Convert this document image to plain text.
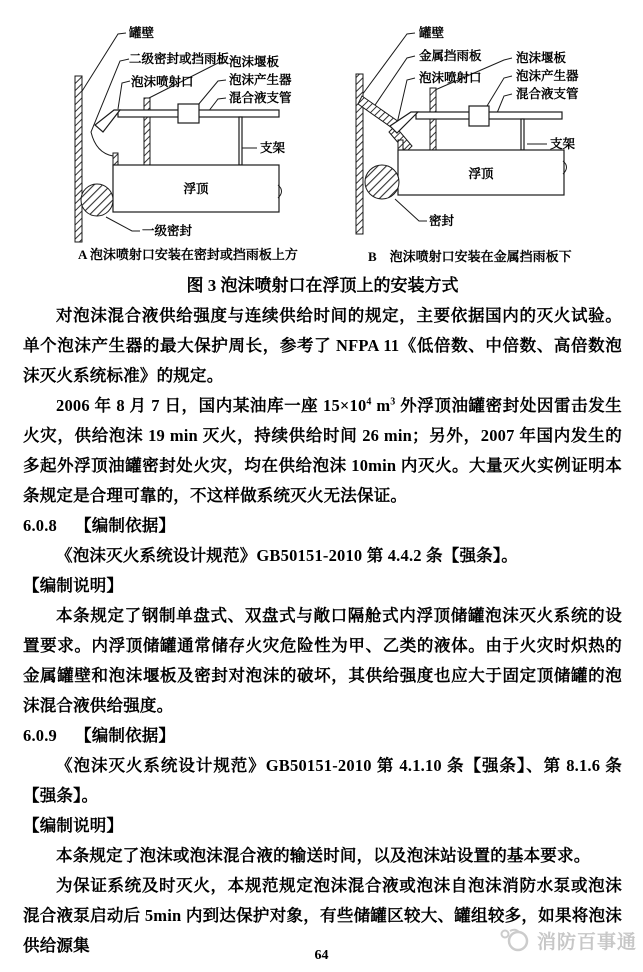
罐壁
二级密封或挡雨板
泡沫喷射口
泡沫堰板
泡沫产生器
混合液支管
支架
浮顶
一级密封
A 泡沫喷射口安装在密封或挡雨板上方
罐壁
金属挡雨板
泡沫喷射口
泡沫堰板
泡沫产生器
混合液支管
支架
浮顶
密封
B　泡沫喷射口安装在金属挡雨板下
图 3 泡沫喷射口在浮顶上的安装方式

对泡沫混合液供给强度与连续供给时间的规定，主要依据国内的灭火试验。单个泡沫产生器的最大保护周长，参考了 NFPA 11《低倍数、中倍数、高倍数泡沫灭火系统标准》的规定。

2006 年 8 月 7 日，国内某油库一座 $15\times 10^4$ $m^3$ 外浮顶油罐密封处因雷击发生火灾，供给泡沫 19 min 灭火，持续供给时间 26 min；另外，2007 年国内发生的多起外浮顶油罐密封处火灾，均在供给泡沫 10min 内灭火。大量灭火实例证明本条规定是合理可靠的，不这样做系统灭火无法保证。

6.0.8 【编制依据】

《泡沫灭火系统设计规范》GB50151-2010 第 4.4.2 条【强条】。

【编制说明】

本条规定了钢制单盘式、双盘式与敞口隔舱式内浮顶储罐泡沫灭火系统的设置要求。内浮顶储罐通常储存火灾危险性为甲、乙类的液体。由于火灾时炽热的金属罐壁和泡沫堰板及密封对泡沫的破坏，其供给强度也应大于固定顶储罐的泡沫混合液供给强度。

6.0.9 【编制依据】

《泡沫灭火系统设计规范》GB50151-2010 第 4.1.10 条【强条】、第 8.1.6 条【强条】。

【编制说明】

本条规定了泡沫或泡沫混合液的输送时间，以及泡沫站设置的基本要求。

为保证系统及时灭火，本规范规定泡沫混合液或泡沫自泡沫消防水泵或泡沫混合液泵启动后 5min 内到达保护对象，有些储罐区较大、罐组较多，如果将泡沫供给源集	消防百事通
64
